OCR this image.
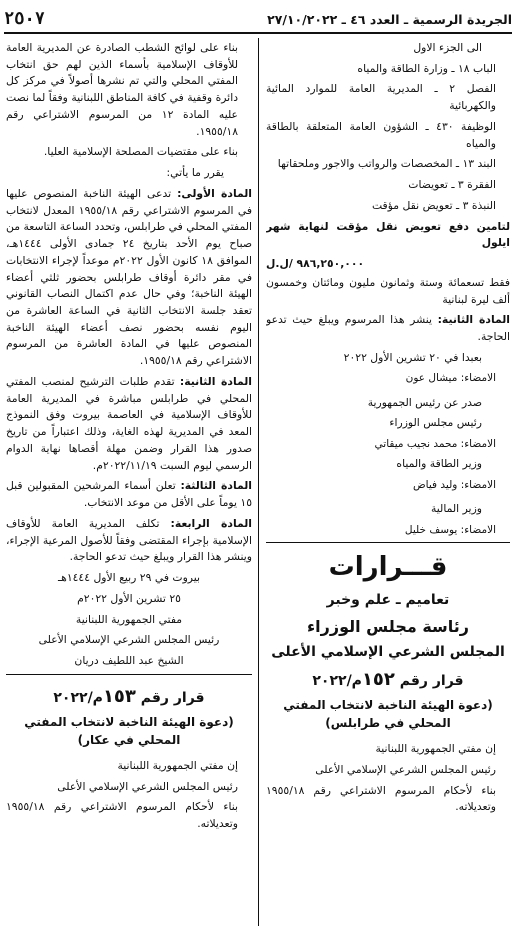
الجريدة الرسمية ـ العدد ٤٦ ـ ٢٧/١٠/٢٠٢٢
٢٥٠٧

الى الجزء الاول

الباب ١٨ ـ وزارة الطاقة والمياه

الفصل ٢ ـ المديرية العامة للموارد المائية والكهربائية

الوظيفة ٤٣٠ ـ الشؤون العامة المتعلقة بالطاقة والمياه

البند ١٣ ـ المخصصات والرواتب والاجور وملحقاتها

الفقرة ٣ ـ تعويضات

النبذة ٣ ـ تعويض نقل مؤقت

لتامين دفع تعويض نقل مؤقت لنهاية شهر ايلول

٩٨٦,٢٥٠,٠٠٠ /ل.ل

فقط تسعمائة وستة وثمانون مليون ومائتان وخمسون ألف ليرة لبنانية

المادة الثانية: ينشر هذا المرسوم ويبلغ حيث تدعو الحاجة.

بعبدا في ٢٠ تشرين الأول ٢٠٢٢

الامضاء: ميشال عون

صدر عن رئيس الجمهورية

رئيس مجلس الوزراء

الامضاء: محمد نجيب ميقاتي

وزير الطاقة والمياه

الامضاء: وليد فياض

وزير المالية

الامضاء: يوسف خليل

قـــرارات
تعاميم ـ علم وخبر
رئاسة مجلس الوزراء
المجلس الشرعي الإسلامي الأعلى
قرار رقم ١٥٢م/٢٠٢٢
(دعوة الهيئة الناخبة لانتخاب المفتي المحلي في طرابلس)

إن مفتي الجمهورية اللبنانية

رئيس المجلس الشرعي الإسلامي الأعلى

بناء لأحكام المرسوم الاشتراعي رقم ١٩٥٥/١٨ وتعديلاته.

بناء على لوائح الشطب الصادرة عن المديرية العامة للأوقاف الإسلامية بأسماء الذين لهم حق انتخاب المفتي المحلي والتي تم نشرها أصولاً في مركز كل دائرة وقفية في كافة المناطق اللبنانية وفقاً لما نصت عليه المادة ١٢ من المرسوم الاشتراعي رقم ١٩٥٥/١٨.

بناء على مقتضيات المصلحة الإسلامية العليا.

يقرر ما يأتي:

المادة الأولى: تدعى الهيئة الناخبة المنصوص عليها في المرسوم الاشتراعي رقم ١٩٥٥/١٨ المعدل لانتخاب المفتي المحلي في طرابلس، وتحدد الساعة التاسعة من صباح يوم الأحد بتاريخ ٢٤ جمادى الأولى ١٤٤٤هـ، الموافق ١٨ كانون الأول ٢٠٢٢م موعداً لإجراء الانتخابات في مقر دائرة أوقاف طرابلس بحضور ثلثي أعضاء الهيئة الناخبة؛ وفي حال عدم اكتمال النصاب القانوني تعقد جلسة الانتخاب الثانية في الساعة العاشرة من اليوم نفسه بحضور نصف أعضاء الهيئة الناخبة المنصوص عليها في المادة العاشرة من المرسوم الاشتراعي رقم ١٩٥٥/١٨.

المادة الثانية: تقدم طلبات الترشيح لمنصب المفتي المحلي في طرابلس مباشرة في المديرية العامة للأوقاف الإسلامية في العاصمة بيروت وفق النموذج المعد في المديرية لهذه الغاية، وذلك اعتباراً من تاريخ صدور هذا القرار وضمن مهلة أقصاها نهاية الدوام الرسمي ليوم السبت ٢٠٢٢/١١/١٩م.

المادة الثالثة: تعلن أسماء المرشحين المقبولين قبل ١٥ يوماً على الأقل من موعد الانتخاب.

المادة الرابعة: تكلف المديرية العامة للأوقاف الإسلامية بإجراء المقتضى وفقاً للأصول المرعية الإجراء، وينشر هذا القرار ويبلغ حيث تدعو الحاجة.

بيروت في ٢٩ ربيع الأول ١٤٤٤هـ

٢٥ تشرين الأول ٢٠٢٢م

مفتي الجمهورية اللبنانية

رئيس المجلس الشرعي الإسلامي الأعلى

الشيخ عبد اللطيف دريان

قرار رقم ١٥٣م/٢٠٢٢
(دعوة الهيئة الناخبة لانتخاب المفتي المحلي في عكار)

إن مفتي الجمهورية اللبنانية

رئيس المجلس الشرعي الإسلامي الأعلى

بناء لأحكام المرسوم الاشتراعي رقم ١٩٥٥/١٨ وتعديلاته.
